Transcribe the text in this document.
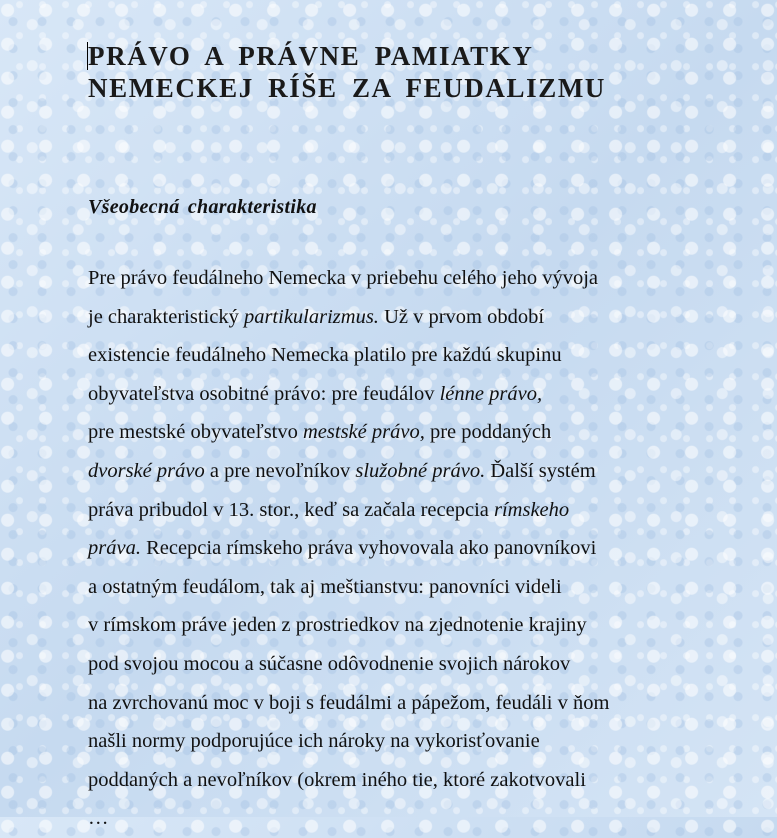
PRÁVO A PRÁVNE PAMIATKY
NEMECKEJ RÍŠE ZA FEUDALIZMU
Všeobecná charakteristika
Pre právo feudálneho Nemecka v priebehu celého jeho vývoja
je charakteristický partikularizmus. Už v prvom období
existencie feudálneho Nemecka platilo pre každú skupinu
obyvateľstva osobitné právo: pre feudálov lénne právo,
pre mestské obyvateľstvo mestské právo, pre poddaných
dvorské právo a pre nevoľníkov služobné právo. Ďalší systém
práva pribudol v 13. stor., keď sa začala recepcia rímskeho
práva. Recepcia rímskeho práva vyhovovala ako panovníkovi
a ostatným feudálom, tak aj meštianstvu: panovníci videli
v rímskom práve jeden z prostriedkov na zjednotenie krajiny
pod svojou mocou a súčasne odôvodnenie svojich nárokov
na zvrchovanú moc v boji s feudálmi a pápežom, feudáli v ňom
našli normy podporujúce ich nároky na vykorisťovanie
poddaných a nevoľníkov (okrem iného tie, ktoré zakotvovali
…
